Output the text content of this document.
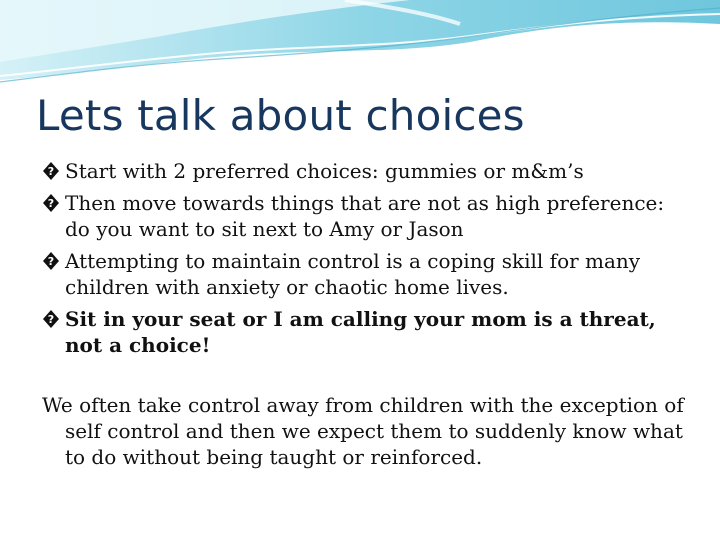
Lets talk about choices

? Start with 2 preferred choices: gummies or m&m’s

? Then move towards things that are not as high preference: do you want to sit next to Amy or Jason

? Attempting to maintain control is a coping skill for many children with anxiety or chaotic home lives.

? Sit in your seat or I am calling your mom is a threat, not a choice!

We often take control away from children with the exception of self control and then we expect them to suddenly know what to do without being taught or reinforced.
